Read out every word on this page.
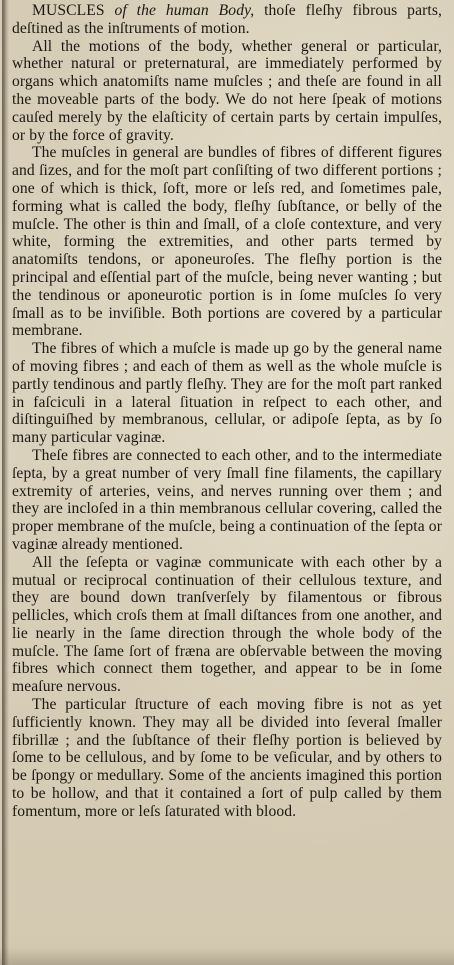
MUSCLES of the human Body, thoſe fleſhy fibrous parts, deſtined as the inſtruments of motion.

All the motions of the body, whether general or particular, whether natural or preternatural, are immediately performed by organs which anatomiſts name muſcles ; and theſe are found in all the moveable parts of the body. We do not here ſpeak of motions cauſed merely by the elaſticity of certain parts by certain impulſes, or by the force of gravity.

The muſcles in general are bundles of fibres of different figures and ſizes, and for the moſt part conſiſting of two different portions ; one of which is thick, ſoft, more or leſs red, and ſometimes pale, forming what is called the body, fleſhy ſubſtance, or belly of the muſcle. The other is thin and ſmall, of a cloſe contexture, and very white, forming the extremities, and other parts termed by anatomiſts tendons, or aponeuroſes. The fleſhy portion is the principal and eſſential part of the muſcle, being never wanting ; but the tendinous or aponeurotic portion is in ſome muſcles ſo very ſmall as to be inviſible. Both portions are covered by a particular membrane.

The fibres of which a muſcle is made up go by the general name of moving fibres ; and each of them as well as the whole muſcle is partly tendinous and partly fleſhy. They are for the moſt part ranked in faſciculi in a lateral ſituation in reſpect to each other, and diſtinguiſhed by membranous, cellular, or adipoſe ſepta, as by ſo many particular vaginæ.

Theſe fibres are connected to each other, and to the intermediate ſepta, by a great number of very ſmall fine filaments, the capillary extremity of arteries, veins, and nerves running over them ; and they are incloſed in a thin membranous cellular covering, called the proper membrane of the muſcle, being a continuation of the ſepta or vaginæ already mentioned.

All the ſeſepta or vaginæ communicate with each other by a mutual or reciprocal continuation of their cellulous texture, and they are bound down tranſverſely by filamentous or fibrous pellicles, which croſs them at ſmall diſtances from one another, and lie nearly in the ſame direction through the whole body of the muſcle. The ſame ſort of fræna are obſervable between the moving fibres which connect them together, and appear to be in ſome meaſure nervous.

The particular ſtructure of each moving fibre is not as yet ſufficiently known. They may all be divided into ſeveral ſmaller fibrillæ ; and the ſubſtance of their fleſhy portion is believed by ſome to be cellulous, and by ſome to be veſicular, and by others to be ſpongy or medullary. Some of the ancients imagined this portion to be hollow, and that it contained a ſort of pulp called by them fomentum, more or leſs ſaturated with blood.
